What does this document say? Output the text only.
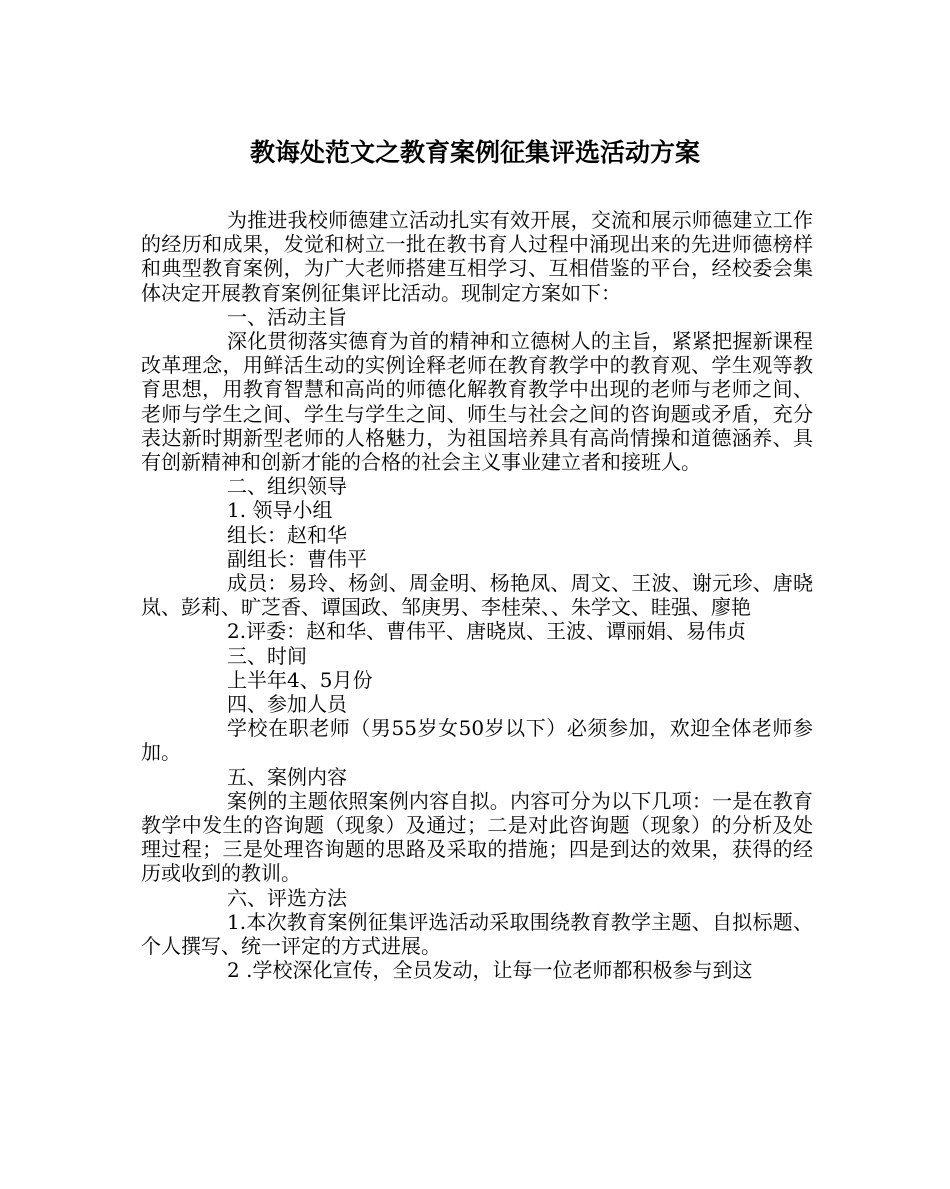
教诲处范文之教育案例征集评选活动方案

为推进我校师德建立活动扎实有效开展，交流和展示师德建立工作的经历和成果，发觉和树立一批在教书育人过程中涌现出来的先进师德榜样和典型教育案例，为广大老师搭建互相学习、互相借鉴的平台，经校委会集体决定开展教育案例征集评比活动。现制定方案如下：

一、活动主旨

深化贯彻落实德育为首的精神和立德树人的主旨，紧紧把握新课程改革理念，用鲜活生动的实例诠释老师在教育教学中的教育观、学生观等教育思想，用教育智慧和高尚的师德化解教育教学中出现的老师与老师之间、老师与学生之间、学生与学生之间、师生与社会之间的咨询题或矛盾，充分表达新时期新型老师的人格魅力，为祖国培养具有高尚情操和道德涵养、具有创新精神和创新才能的合格的社会主义事业建立者和接班人。

二、组织领导

1. 领导小组

组长：赵和华

副组长：曹伟平

成员：易玲、杨剑、周金明、杨艳凤、周文、王波、谢元珍、唐晓岚、彭莉、旷芝香、谭国政、邹庚男、李桂荣、、朱学文、眭强、廖艳

2.评委：赵和华、曹伟平、唐晓岚、王波、谭丽娟、易伟贞

三、时间

上半年4、5月份

四、参加人员

学校在职老师（男55岁女50岁以下）必须参加，欢迎全体老师参加。

五、案例内容

案例的主题依照案例内容自拟。内容可分为以下几项：一是在教育教学中发生的咨询题（现象）及通过；二是对此咨询题（现象）的分析及处理过程；三是处理咨询题的思路及采取的措施；四是到达的效果，获得的经历或收到的教训。

六、评选方法

1.本次教育案例征集评选活动采取围绕教育教学主题、自拟标题、个人撰写、统一评定的方式进展。

2 .学校深化宣传，全员发动，让每一位老师都积极参与到这
